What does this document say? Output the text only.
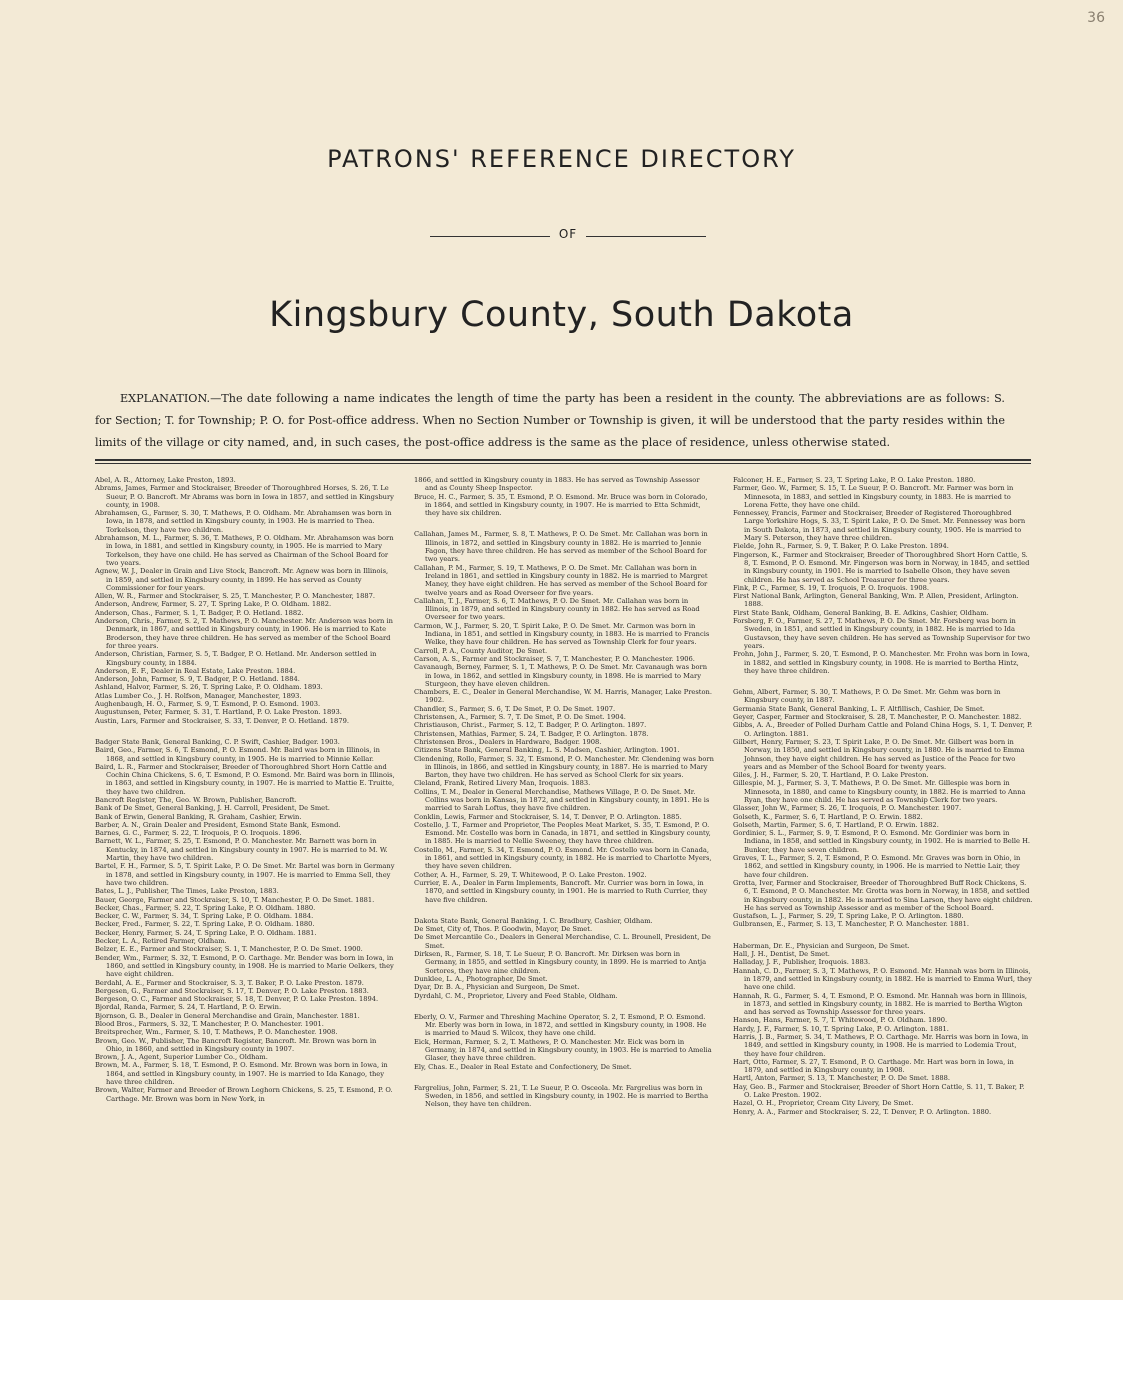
36
PATRONS' REFERENCE DIRECTORY
OF
Kingsbury County, South Dakota
EXPLANATION.—The date following a name indicates the length of time the party has been a resident in the county. The abbreviations are as follows: S. for Section; T. for Township; P. O. for Post-office address. When no Section Number or Township is given, it will be understood that the party resides within the limits of the village or city named, and, in such cases, the post-office address is the same as the place of residence, unless otherwise stated.

Abel, A. R., Attorney, Lake Preston, 1893.

Abrams, James, Farmer and Stockraiser, Breeder of Thoroughbred Horses, S. 26, T. Le Sueur, P. O. Bancroft. Mr Abrams was born in Iowa in 1857, and settled in Kingsbury county, in 1908.

Abrahamsen, G., Farmer, S. 30, T. Mathews, P. O. Oldham. Mr. Abrahamsen was born in Iowa, in 1878, and settled in Kingsbury county, in 1903. He is married to Thea. Torkelson, they have two children.

Abrahamson, M. L., Farmer, S. 36, T. Mathews, P. O. Oldham. Mr. Abrahamson was born in Iowa, in 1881, and settled in Kingsbury county, in 1905. He is married to Mary Torkelson, they have one child. He has served as Chairman of the School Board for two years.

Agnew, W. J., Dealer in Grain and Live Stock, Bancroft. Mr. Agnew was born in Illinois, in 1859, and settled in Kingsbury county, in 1899. He has served as County Commissioner for four years.

Allen, W. R., Farmer and Stockraiser, S. 25, T. Manchester, P. O. Manchester, 1887.

Anderson, Andrew, Farmer, S. 27, T. Spring Lake, P. O. Oldham. 1882.

Anderson, Chas., Farmer, S. 1, T. Badger, P. O. Hetland. 1882.

Anderson, Chris., Farmer, S. 2, T. Mathews, P. O. Manchester. Mr. Anderson was born in Denmark, in 1867, and settled in Kingsbury county, in 1906. He is married to Kate Broderson, they have three children. He has served as member of the School Board for three years.

Anderson, Christian, Farmer, S. 5, T. Badger, P. O. Hetland. Mr. Anderson settled in Kingsbury county, in 1884.

Anderson, E. F., Dealer in Real Estate, Lake Preston. 1884.

Anderson, John, Farmer, S. 9, T. Badger, P. O. Hetland. 1884.

Ashland, Halvor, Farmer, S. 26, T. Spring Lake, P. O. Oldham. 1893.

Atlas Lumber Co., J. H. Rolfson, Manager, Manchester, 1893.

Aughenbaugh, H. O., Farmer, S. 9, T. Esmond, P. O. Esmond. 1903.

Augustunsen, Peter, Farmer, S. 31, T. Hartland, P. O. Lake Preston. 1893.

Austin, Lars, Farmer and Stockraiser, S. 33, T. Denver, P. O. Hetland. 1879.

Badger State Bank, General Banking, C. P. Swift, Cashier, Badger. 1903.

Baird, Geo., Farmer, S. 6, T. Esmond, P. O. Esmond. Mr. Baird was born in Illinois, in 1868, and settled in Kingsbury county, in 1905. He is married to Minnie Kellar.

Baird, L. R., Farmer and Stockraiser, Breeder of Thoroughbred Short Horn Cattle and Cochin China Chickens, S. 6, T. Esmond, P. O. Esmond. Mr. Baird was born in Illinois, in 1863, and settled in Kingsbury county, in 1907. He is married to Mattie E. Truitte, they have two children.

Bancroft Register, The, Geo. W. Brown, Publisher, Bancroft.

Bank of De Smet, General Banking, J. H. Carroll, President, De Smet.

Bank of Erwin, General Banking, R. Graham, Cashier, Erwin.

Barber, A. N., Grain Dealer and President, Esmond State Bank, Esmond.

Barnes, G. C., Farmer, S. 22, T. Iroquois, P. O. Iroquois. 1896.

Barnett, W. L., Farmer, S. 25, T. Esmond, P. O. Manchester. Mr. Barnett was born in Kentucky, in 1874, and settled in Kingsbury county in 1907. He is married to M. W. Martin, they have two children.

Bartel, F. H., Farmer, S. 5, T. Spirit Lake, P. O. De Smet. Mr. Bartel was born in Germany in 1878, and settled in Kingsbury county, in 1907. He is married to Emma Sell, they have two children.

Bates, L. J., Publisher, The Times, Lake Preston, 1883.

Bauer, George, Farmer and Stockraiser, S. 10, T. Manchester, P. O. De Smet. 1881.

Becker, Chas., Farmer, S. 22, T. Spring Lake, P. O. Oldham. 1880.

Becker, C. W., Farmer, S. 34, T. Spring Lake, P. O. Oldham. 1884.

Becker, Fred., Farmer, S. 22, T. Spring Lake, P. O. Oldham. 1880.

Becker, Henry, Farmer, S. 24, T. Spring Lake, P. O. Oldham. 1881.

Becker, L. A., Retired Farmer, Oldham.

Belzer, E. E., Farmer and Stockraiser, S. 1, T. Manchester, P. O. De Smet. 1900.

Bender, Wm., Farmer, S. 32, T. Esmond, P. O. Carthage. Mr. Bender was born in Iowa, in 1860, and settled in Kingsbury county, in 1908. He is married to Marie Oelkers, they have eight children.

Berdahl, A. E., Farmer and Stockraiser, S. 3, T. Baker, P. O. Lake Preston. 1879.

Bergesen, G., Farmer and Stockraiser, S. 17, T. Denver, P. O. Lake Preston. 1883.

Bergeson, O. C., Farmer and Stockraiser, S. 18, T. Denver, P. O. Lake Preston. 1894.

Bjordal, Randa, Farmer, S. 24, T. Hartland, P. O. Erwin.

Bjornson, G. B., Dealer in General Merchandise and Grain, Manchester. 1881.

Blood Bros., Farmers, S. 32, T. Manchester, P. O. Manchester. 1901.

Breitsprecher, Wm., Farmer, S. 10, T. Mathews, P. O. Manchester. 1908.

Brown, Geo. W., Publisher, The Bancroft Register, Bancroft. Mr. Brown was born in Ohio, in 1860, and settled in Kingsbury county in 1907.

Brown, J. A., Agent, Superior Lumber Co., Oldham.

Brown, M. A., Farmer, S. 18, T. Esmond, P. O. Esmond. Mr. Brown was born in Iowa, in 1864, and settled in Kingsbury county, in 1907. He is married to Ida Kanago, they have three children.

Brown, Walter, Farmer and Breeder of Brown Leghorn Chickens, S. 25, T. Esmond, P. O. Carthage. Mr. Brown was born in New York, in

1866, and settled in Kingsbury county in 1883. He has served as Township Assessor and as County Sheep Inspector.

Bruce, H. C., Farmer, S. 35, T. Esmond, P. O. Esmond. Mr. Bruce was born in Colorado, in 1864, and settled in Kingsbury county, in 1907. He is married to Etta Schmidt, they have six children.

Callahan, James M., Farmer, S. 8, T. Mathews, P. O. De Smet. Mr. Callahan was born in Illinois, in 1872, and settled in Kingsbury county in 1882. He is married to Jennie Fagon, they have three children. He has served as member of the School Board for two years.

Callahan, P. M., Farmer, S. 19, T. Mathews, P. O. De Smet. Mr. Callahan was born in Ireland in 1861, and settled in Kingsbury county in 1882. He is married to Margret Maney, they have eight children. He has served as member of the School Board for twelve years and as Road Overseer for five years.

Callahan, T. J., Farmer, S. 6, T. Mathews, P. O. De Smet. Mr. Callahan was born in Illinois, in 1879, and settled in Kingsbury county in 1882. He has served as Road Overseer for two years.

Carmon, W. J., Farmer, S. 20, T. Spirit Lake, P. O. De Smet. Mr. Carmon was born in Indiana, in 1851, and settled in Kingsbury county, in 1883. He is married to Francis Welke, they have four children. He has served as Township Clerk for four years.

Carroll, P. A., County Auditor, De Smet.

Carson, A. S., Farmer and Stockraiser, S. 7, T. Manchester, P. O. Manchester. 1906.

Cavanaugh, Berney, Farmer, S. 1, T. Mathews, P. O. De Smet. Mr. Cavanaugh was born in Iowa, in 1862, and settled in Kingsbury county, in 1898. He is married to Mary Sturgeon, they have eleven children.

Chambers, E. C., Dealer in General Merchandise, W. M. Harris, Manager, Lake Preston. 1902.

Chandler, S., Farmer, S. 6, T. De Smet, P. O. De Smet. 1907.

Christensen, A., Farmer, S. 7, T. De Smet, P. O. De Smet. 1904.

Christiauson, Christ., Farmer, S. 12, T. Badger, P. O. Arlington. 1897.

Christensen, Mathias, Farmer, S. 24, T. Badger, P. O. Arlington. 1878.

Christensen Bros., Dealers in Hardware, Badger. 1908.

Citizens State Bank, General Banking, L. S. Madsen, Cashier, Arlington. 1901.

Clendening, Rollo, Farmer, S. 32, T. Esmond, P. O. Manchester. Mr. Clendening was born in Illinois, in 1866, and settled in Kingsbury county, in 1887. He is married to Mary Barton, they have two children. He has served as School Clerk for six years.

Cleland, Frank, Retired Livery Man, Iroquois. 1883.

Collins, T. M., Dealer in General Merchandise, Mathews Village, P. O. De Smet. Mr. Collins was born in Kansas, in 1872, and settled in Kingsbury county, in 1891. He is married to Sarah Loftus, they have five children.

Conklin, Lewis, Farmer and Stockraiser, S. 14, T. Denver, P. O. Arlington. 1885.

Costello, J. T., Farmer and Proprietor, The Peoples Meat Market, S. 35, T. Esmond, P. O. Esmond. Mr. Costello was born in Canada, in 1871, and settled in Kingsbury county, in 1885. He is married to Nellie Sweeney, they have three children.

Costello, M., Farmer, S. 34, T. Esmond, P. O. Esmond. Mr. Costello was born in Canada, in 1861, and settled in Kingsbury county, in 1882. He is married to Charlotte Myers, they have seven children.

Cother, A. H., Farmer, S. 29, T. Whitewood, P. O. Lake Preston. 1902.

Currier, E. A., Dealer in Farm Implements, Bancroft. Mr. Currier was born in Iowa, in 1870, and settled in Kingsbury county, in 1901. He is married to Ruth Currier, they have five children.

Dakota State Bank, General Banking, I. C. Bradbury, Cashier, Oldham.

De Smet, City of, Thos. P. Goodwin, Mayor, De Smet.

De Smet Mercantile Co., Dealers in General Merchandise, C. L. Brounell, President, De Smet.

Dirksen, R., Farmer, S. 18, T. Le Sueur, P. O. Bancroft. Mr. Dirksen was born in Germany, in 1855, and settled in Kingsbury county, in 1899. He is married to Antja Sortores, they have nine children.

Dunklee, L. A., Photographer, De Smet.

Dyar, Dr. B. A., Physician and Surgeon, De Smet.

Dyrdahl, C. M., Proprietor, Livery and Feed Stable, Oldham.

Eberly, O. V., Farmer and Threshing Machine Operator, S. 2, T. Esmond, P. O. Esmond. Mr. Eberly was born in Iowa, in 1872, and settled in Kingsbury county, in 1908. He is married to Maud S. Wilcox, they have one child.

Eick, Herman, Farmer, S. 2, T. Mathews, P. O. Manchester. Mr. Eick was born in Germany, in 1874, and settled in Kingsbury county, in 1903. He is married to Amelia Glaser, they have three children.

Ely, Chas. E., Dealer in Real Estate and Confectionery, De Smet.

Fargrelius, John, Farmer, S. 21, T. Le Sueur, P. O. Osceola. Mr. Fargrelius was born in Sweden, in 1856, and settled in Kingsbury county, in 1902. He is married to Bertha Nelson, they have ten children.

Falconer, H. E., Farmer, S. 23, T. Spring Lake, P. O. Lake Preston. 1880.

Farmer, Geo. W., Farmer, S. 15, T. Le Sueur, P. O. Bancroft. Mr. Farmer was born in Minnesota, in 1883, and settled in Kingsbury county, in 1883. He is married to Lorena Fette, they have one child.

Fennessey, Francis, Farmer and Stockraiser, Breeder of Registered Thoroughbred Large Yorkshire Hogs, S. 33, T. Spirit Lake, P. O. De Smet. Mr. Fennessey was born in South Dakota, in 1873, and settled in Kingsbury county, 1905. He is married to Mary S. Peterson, they have three children.

Fielde, John R., Farmer, S. 9, T. Baker, P. O. Lake Preston. 1894.

Fingerson, K., Farmer and Stockraiser, Breeder of Thoroughbred Short Horn Cattle, S. 8, T. Esmond, P. O. Esmond. Mr. Fingerson was born in Norway, in 1845, and settled in Kingsbury county, in 1901. He is married to Isabelle Olson, they have seven children. He has served as School Treasurer for three years.

Fink, P. C., Farmer, S. 19, T. Iroquois, P. O. Iroquois. 1908.

First National Bank, Arlington, General Banking, Wm. P. Allen, President, Arlington. 1888.

First State Bank, Oldham, General Banking, B. E. Adkins, Cashier, Oldham.

Forsberg, F. O., Farmer, S. 27, T. Mathews, P. O. De Smet. Mr. Forsberg was born in Sweden, in 1851, and settled in Kingsbury county, in 1882. He is married to Ida Gustavson, they have seven children. He has served as Township Supervisor for two years.

Frohn, John J., Farmer, S. 20, T. Esmond, P. O. Manchester. Mr. Frohn was born in Iowa, in 1882, and settled in Kingsbury county, in 1908. He is married to Bertha Hintz, they have three children.

Gehm, Albert, Farmer, S. 30, T. Mathews, P. O. De Smet. Mr. Gehm was born in Kingsbury county, in 1887.

Germania State Bank, General Banking, L. F. Altfillisch, Cashier, De Smet.

Geyer, Casper, Farmer and Stockraiser, S. 28, T. Manchester, P. O. Manchester. 1882.

Gibbs, A. A., Breeder of Polled Durham Cattle and Poland China Hogs, S. 1, T. Denver, P. O. Arlington. 1881.

Gilbert, Henry, Farmer, S. 23, T. Spirit Lake, P. O. De Smet. Mr. Gilbert was born in Norway, in 1850, and settled in Kingsbury county, in 1880. He is married to Emma Johnson, they have eight children. He has served as Justice of the Peace for two years and as Member of the School Board for twenty years.

Giles, J. H., Farmer, S. 20, T. Hartland, P. O. Lake Preston.

Gillespie, M. J., Farmer, S. 3, T. Mathews, P. O. De Smet. Mr. Gillespie was born in Minnesota, in 1880, and came to Kingsbury county, in 1882. He is married to Anna Ryan, they have one child. He has served as Township Clerk for two years.

Glasser, John W., Farmer, S. 26, T. Iroquois, P. O. Manchester. 1907.

Golseth, K., Farmer, S. 6, T. Hartland, P. O. Erwin. 1882.

Golseth, Martin, Farmer, S. 6, T. Hartland, P. O. Erwin. 1882.

Gordinier, S. L., Farmer, S. 9, T. Esmond, P. O. Esmond. Mr. Gordinier was born in Indiana, in 1858, and settled in Kingsbury county, in 1902. He is married to Belle H. Bunker, they have seven children.

Graves, T. L., Farmer, S. 2, T. Esmond, P. O. Esmond. Mr. Graves was born in Ohio, in 1862, and settled in Kingsbury county, in 1906. He is married to Nettie Lair, they have four children.

Grotta, Iver, Farmer and Stockraiser, Breeder of Thoroughbred Buff Rock Chickens, S. 6, T. Esmond, P. O. Manchester. Mr. Grotta was born in Norway, in 1858, and settled in Kingsbury county, in 1882. He is married to Sina Larson, they have eight children. He has served as Township Assessor and as member of the School Board.

Gustafson, L. J., Farmer, S. 29, T. Spring Lake, P. O. Arlington. 1880.

Gulbransen, E., Farmer, S. 13, T. Manchester, P. O. Manchester. 1881.

Haberman, Dr. E., Physician and Surgeon, De Smet.

Hall, J. H., Dentist, De Smet.

Halladay, J. F., Publisher, Iroquois. 1883.

Hannah, C. D., Farmer, S. 3, T. Mathews, P. O. Esmond. Mr. Hannah was born in Illinois, in 1879, and settled in Kingsbury county, in 1882. He is married to Emma Wurl, they have one child.

Hannah, R. G., Farmer, S. 4, T. Esmond, P. O. Esmond. Mr. Hannah was born in Illinois, in 1873, and settled in Kingsbury county, in 1882. He is married to Bertha Wigton and has served as Township Assessor for three years.

Hanson, Hans, Farmer, S. 7, T. Whitewood, P. O. Oldham. 1890.

Hardy, J. F., Farmer, S. 10, T. Spring Lake, P. O. Arlington. 1881.

Harris, J. B., Farmer, S. 34, T. Mathews, P. O. Carthage. Mr. Harris was born in Iowa, in 1849, and settled in Kingsbury county, in 1908. He is married to Lodemia Trout, they have four children.

Hart, Otto, Farmer, S. 27, T. Esmond, P. O. Carthage. Mr. Hart was born in Iowa, in 1879, and settled in Kingsbury county, in 1908.

Hartl, Anton, Farmer, S. 13, T. Manchester, P. O. De Smet. 1888.

Hay, Geo. B., Farmer and Stockraiser, Breeder of Short Horn Cattle, S. 11, T. Baker, P. O. Lake Preston. 1902.

Hazel, O. H., Proprietor, Cream City Livery, De Smet.

Henry, A. A., Farmer and Stockraiser, S. 22, T. Denver, P. O. Arlington. 1880.
